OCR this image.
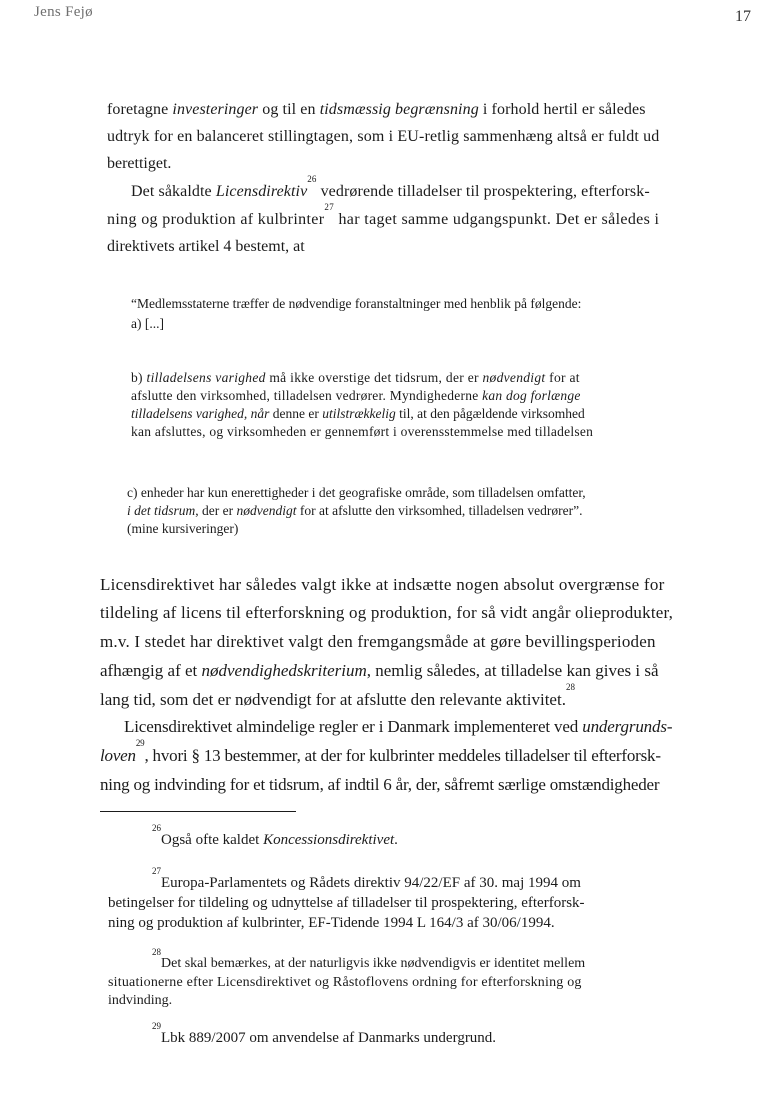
Jens Fejø	17
foretagne investeringer og til en tidsmæssig begrænsning i forhold hertil er således
udtryk for en balanceret stillingtagen, som i EU-retlig sammenhæng altså er fuldt ud
berettiget.
Det såkaldte Licensdirektiv$^{26}$ vedrørende tilladelser til prospektering, efterforsk-
ning og produktion af kulbrinter$^{27}$ har taget samme udgangspunkt. Det er således i
direktivets artikel 4 bestemt, at
“Medlemsstaterne træffer de nødvendige foranstaltninger med henblik på følgende:
a) [...]
b) tilladelsens varighed må ikke overstige det tidsrum, der er nødvendigt for at
afslutte den virksomhed, tilladelsen vedrører. Myndighederne kan dog forlænge
tilladelsens varighed, når denne er utilstrækkelig til, at den pågældende virksomhed
kan afsluttes, og virksomheden er gennemført i overensstemmelse med tilladelsen
c) enheder har kun enerettigheder i det geografiske område, som tilladelsen omfatter,
i det tidsrum, der er nødvendigt for at afslutte den virksomhed, tilladelsen vedrører”.
(mine kursiveringer)
Licensdirektivet har således valgt ikke at indsætte nogen absolut overgrænse for
tildeling af licens til efterforskning og produktion, for så vidt angår olieprodukter,
m.v. I stedet har direktivet valgt den fremgangsmåde at gøre bevillingsperioden
afhængig af et nødvendighedskriterium, nemlig således, at tilladelse kan gives i så
lang tid, som det er nødvendigt for at afslutte den relevante aktivitet.$^{28}$
Licensdirektivet almindelige regler er i Danmark implementeret ved undergrunds-
loven$^{29}$, hvori § 13 bestemmer, at der for kulbrinter meddeles tilladelser til efterforsk-
ning og indvinding for et tidsrum, af indtil 6 år, der, såfremt særlige omstændigheder
$^{26}$Også ofte kaldet Koncessionsdirektivet.
$^{27}$Europa-Parlamentets og Rådets direktiv 94/22/EF af 30. maj 1994 om
betingelser for tildeling og udnyttelse af tilladelser til prospektering, efterforsk-
ning og produktion af kulbrinter, EF-Tidende 1994 L 164/3 af 30/06/1994.
$^{28}$Det skal bemærkes, at der naturligvis ikke nødvendigvis er identitet mellem
situationerne efter Licensdirektivet og Råstoflovens ordning for efterforskning og
indvinding.
$^{29}$Lbk 889/2007 om anvendelse af Danmarks undergrund.
